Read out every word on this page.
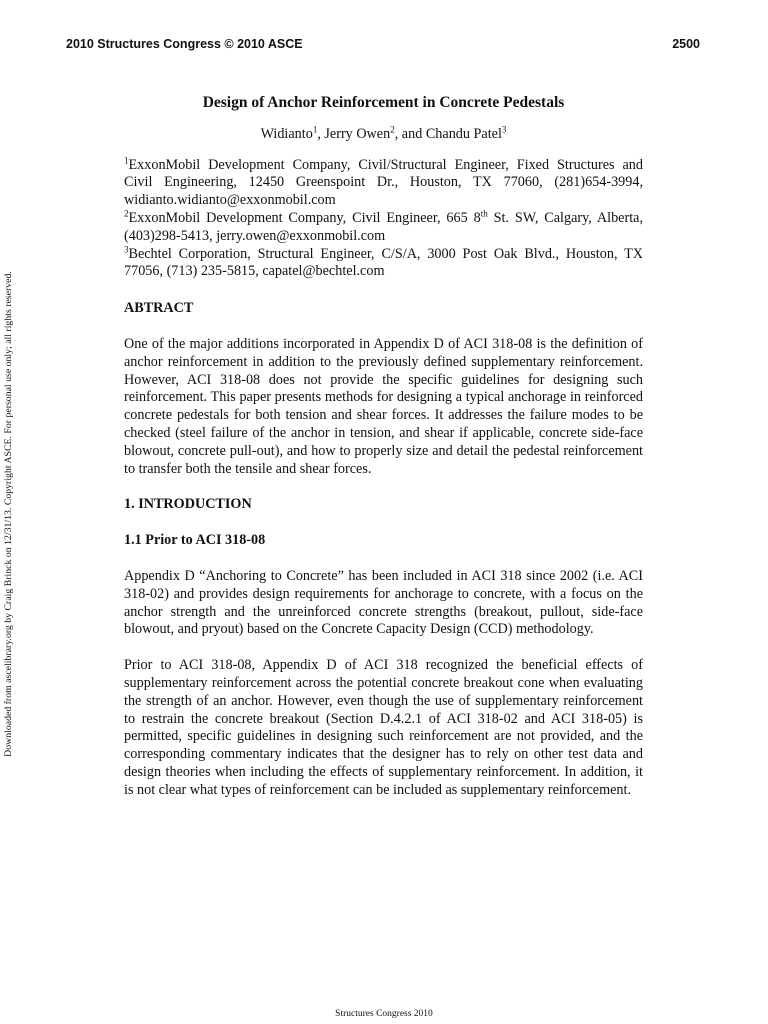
2010 Structures Congress © 2010 ASCE	2500
Downloaded from ascelibrary.org by Craig Brinck on 12/31/13. Copyright ASCE. For personal use only; all rights reserved.

Design of Anchor Reinforcement in Concrete Pedestals

Widianto$^1$, Jerry Owen$^2$, and Chandu Patel$^3$

$^1$ExxonMobil Development Company, Civil/Structural Engineer, Fixed Structures and Civil Engineering, 12450 Greenspoint Dr., Houston, TX 77060, (281)654-3994, widianto.widianto@exxonmobil.com

$^2$ExxonMobil Development Company, Civil Engineer, 665 8th St. SW, Calgary, Alberta, (403)298-5413, jerry.owen@exxonmobil.com

$^3$Bechtel Corporation, Structural Engineer, C/S/A, 3000 Post Oak Blvd., Houston, TX 77056, (713) 235-5815, capatel@bechtel.com

ABTRACT

One of the major additions incorporated in Appendix D of ACI 318-08 is the definition of anchor reinforcement in addition to the previously defined supplementary reinforcement. However, ACI 318-08 does not provide the specific guidelines for designing such reinforcement. This paper presents methods for designing a typical anchorage in reinforced concrete pedestals for both tension and shear forces. It addresses the failure modes to be checked (steel failure of the anchor in tension, and shear if applicable, concrete side-face blowout, concrete pull-out), and how to properly size and detail the pedestal reinforcement to transfer both the tensile and shear forces.

1. INTRODUCTION

1.1 Prior to ACI 318-08

Appendix D “Anchoring to Concrete” has been included in ACI 318 since 2002 (i.e. ACI 318-02) and provides design requirements for anchorage to concrete, with a focus on the anchor strength and the unreinforced concrete strengths (breakout, pullout, side-face blowout, and pryout) based on the Concrete Capacity Design (CCD) methodology.

Prior to ACI 318-08, Appendix D of ACI 318 recognized the beneficial effects of supplementary reinforcement across the potential concrete breakout cone when evaluating the strength of an anchor. However, even though the use of supplementary reinforcement to restrain the concrete breakout (Section D.4.2.1 of ACI 318-02 and ACI 318-05) is permitted, specific guidelines in designing such reinforcement are not provided, and the corresponding commentary indicates that the designer has to rely on other test data and design theories when including the effects of supplementary reinforcement. In addition, it is not clear what types of reinforcement can be included as supplementary reinforcement.

Structures Congress 2010
